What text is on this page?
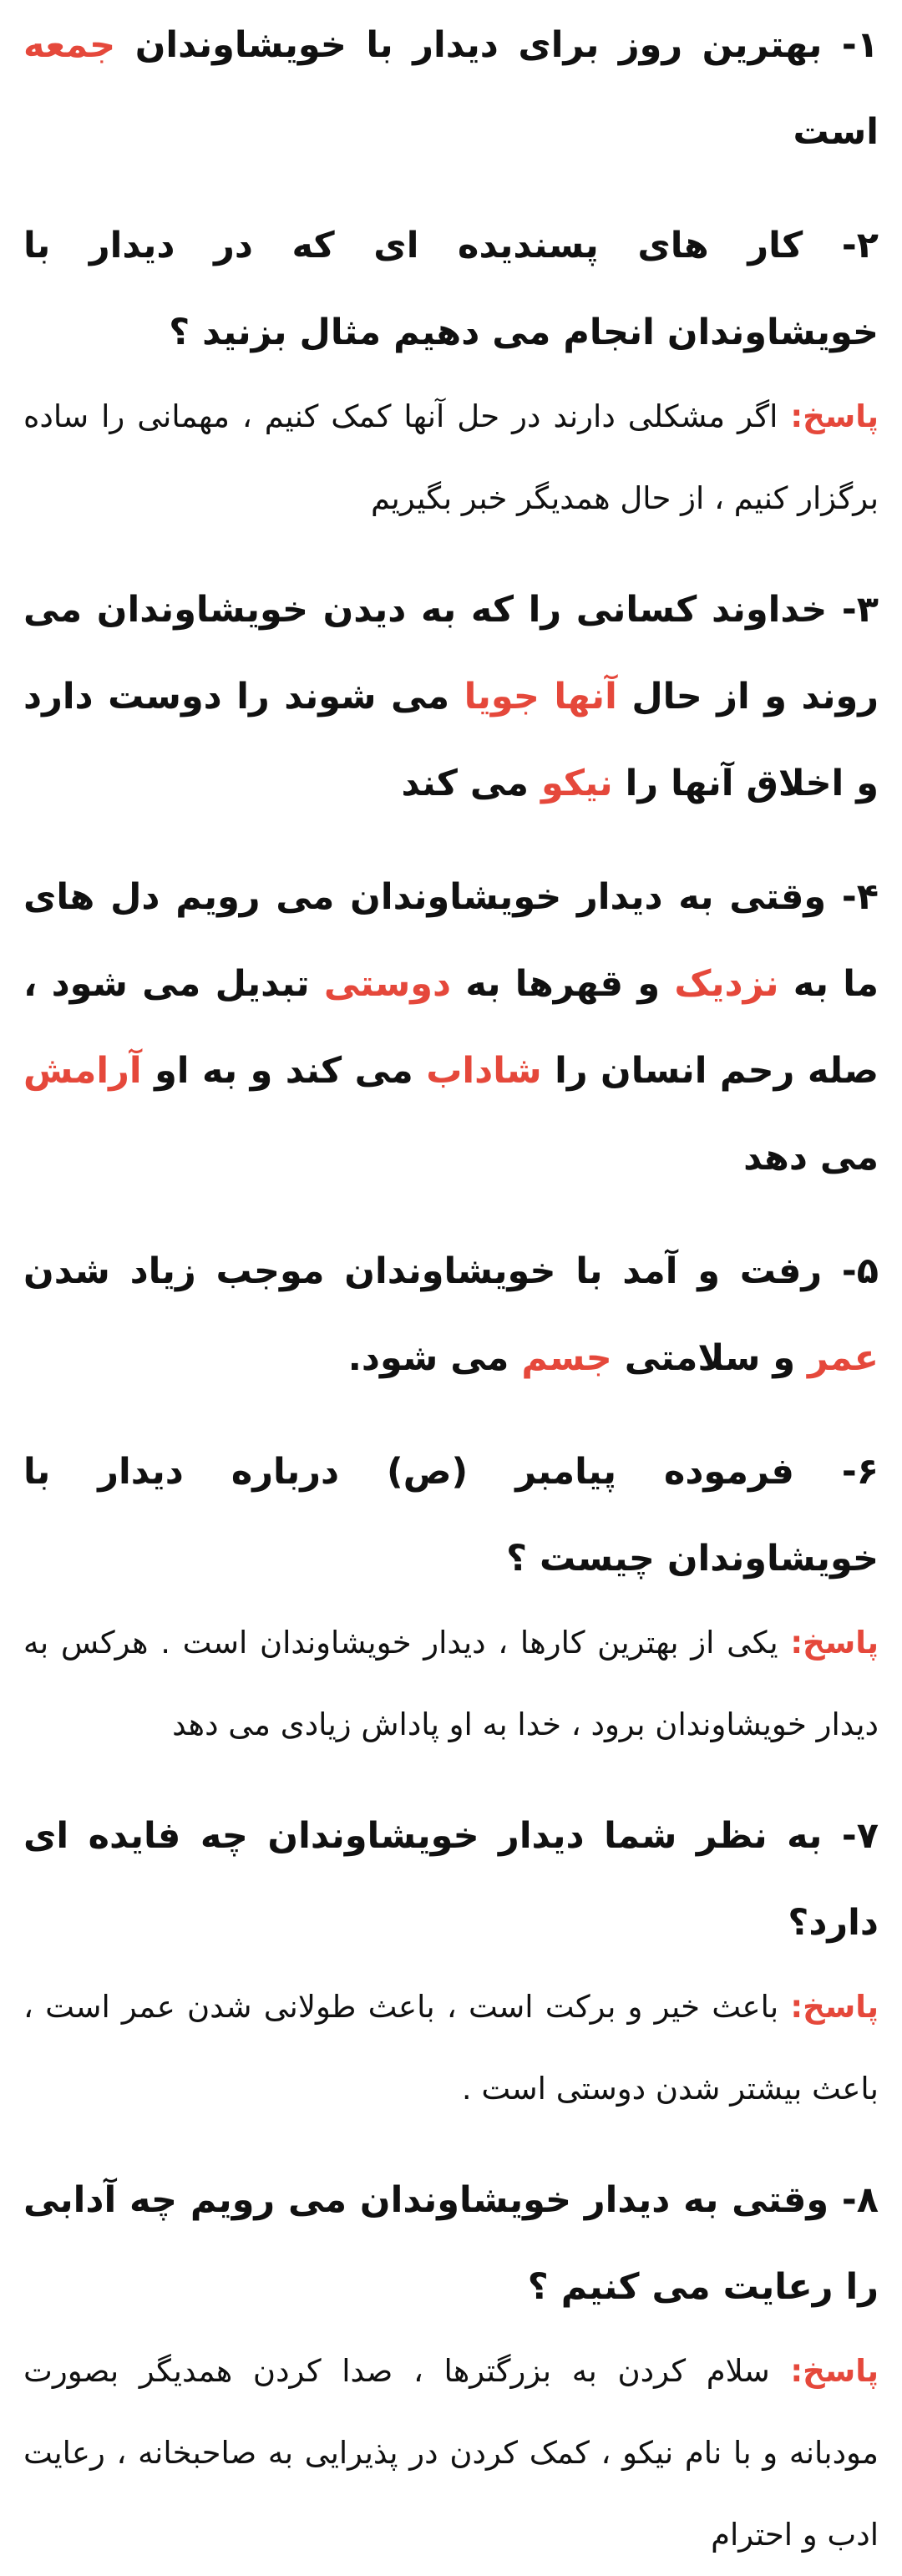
۱- بهترین روز برای دیدار با خویشاوندان جمعه است

۲- کار های پسندیده ای که در دیدار با خویشاوندان انجام می دهیم مثال بزنید ؟

پاسخ: اگر مشکلی دارند در حل آنها کمک کنیم ، مهمانی را ساده برگزار کنیم ، از حال همدیگر خبر بگیریم

۳- خداوند کسانی را که به دیدن خویشاوندان می روند و از حال آنها جویا می شوند را دوست دارد و اخلاق آنها را نیکو می کند

۴- وقتی به دیدار خویشاوندان می رویم دل های ما به نزدیک و قهرها به دوستی تبدیل می شود ، صله رحم انسان را شاداب می کند و به او آرامش می دهد

۵- رفت و آمد با خویشاوندان موجب زیاد شدن عمر و سلامتی جسم می شود.

۶- فرموده پیامبر (ص) درباره دیدار با خویشاوندان چیست ؟

پاسخ: یکی از بهترین کارها ، دیدار خویشاوندان است . هرکس به دیدار خویشاوندان برود ، خدا به او پاداش زیادی می دهد

۷- به نظر شما دیدار خویشاوندان چه فایده ای دارد؟

پاسخ: باعث خیر و برکت است ، باعث طولانی شدن عمر است ، باعث بیشتر شدن دوستی است .

۸- وقتی به دیدار خویشاوندان می رویم چه آدابی را رعایت می کنیم ؟

پاسخ: سلام کردن به بزرگترها ، صدا کردن همدیگر بصورت مودبانه و با نام نیکو ، کمک کردن در پذیرایی به صاحبخانه ، رعایت ادب و احترام
